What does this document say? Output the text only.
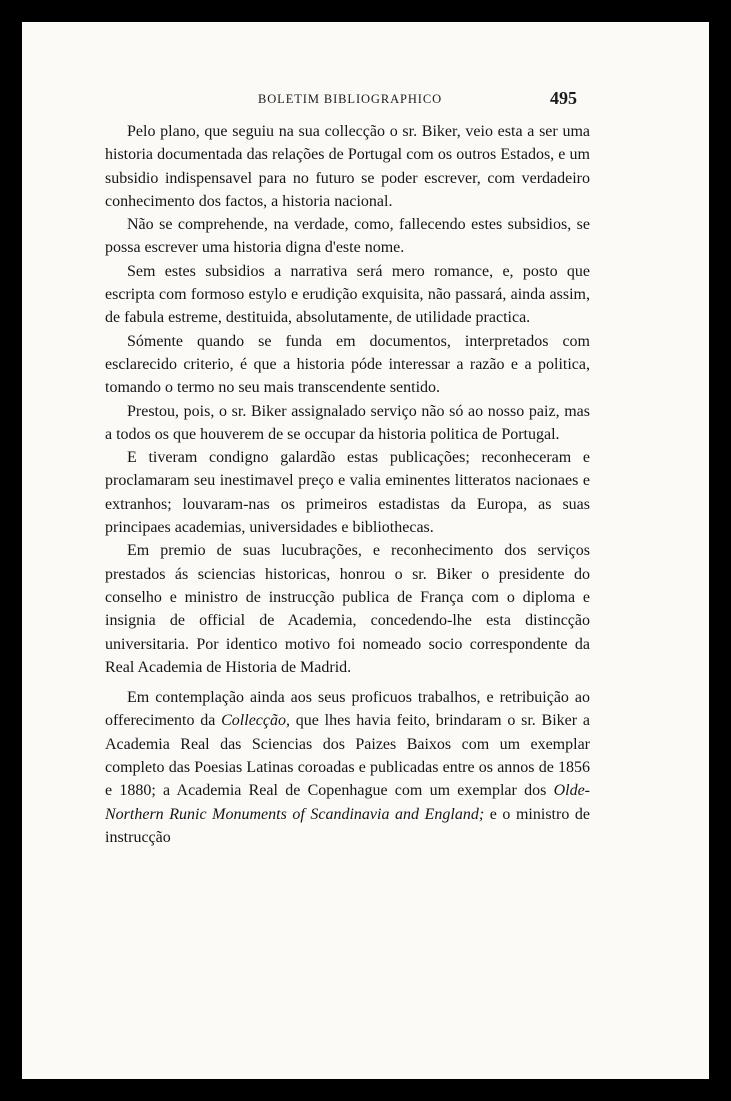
BOLETIM BIBLIOGRAPHICO	495

Pelo plano, que seguiu na sua collecção o sr. Biker, veio esta a ser uma historia documentada das relações de Portugal com os outros Estados, e um subsidio indispensavel para no futuro se poder escrever, com verdadeiro conhecimento dos factos, a historia nacional.

Não se comprehende, na verdade, como, fallecendo estes subsidios, se possa escrever uma historia digna d'este nome.

Sem estes subsidios a narrativa será mero romance, e, posto que escripta com formoso estylo e erudição exquisita, não passará, ainda assim, de fabula estreme, destituida, absolutamente, de utilidade practica.

Sómente quando se funda em documentos, interpretados com esclarecido criterio, é que a historia póde interessar a razão e a politica, tomando o termo no seu mais transcendente sentido.

Prestou, pois, o sr. Biker assignalado serviço não só ao nosso paiz, mas a todos os que houverem de se occupar da historia politica de Portugal.

E tiveram condigno galardão estas publicações; reconheceram e proclamaram seu inestimavel preço e valia eminentes litteratos nacionaes e extranhos; louvaram-nas os primeiros estadistas da Europa, as suas principaes academias, universidades e bibliothecas.

Em premio de suas lucubrações, e reconhecimento dos serviços prestados ás sciencias historicas, honrou o sr. Biker o presidente do conselho e ministro de instrucção publica de França com o diploma e insignia de official de Academia, concedendo-lhe esta distincção universitaria. Por identico motivo foi nomeado socio correspondente da Real Academia de Historia de Madrid.

Em contemplação ainda aos seus proficuos trabalhos, e retribuição ao offerecimento da Collecção, que lhes havia feito, brindaram o sr. Biker a Academia Real das Sciencias dos Paizes Baixos com um exemplar completo das Poesias Latinas coroadas e publicadas entre os annos de 1856 e 1880; a Academia Real de Copenhague com um exemplar dos Olde-Northern Runic Monuments of Scandinavia and England; e o ministro de instrucção
